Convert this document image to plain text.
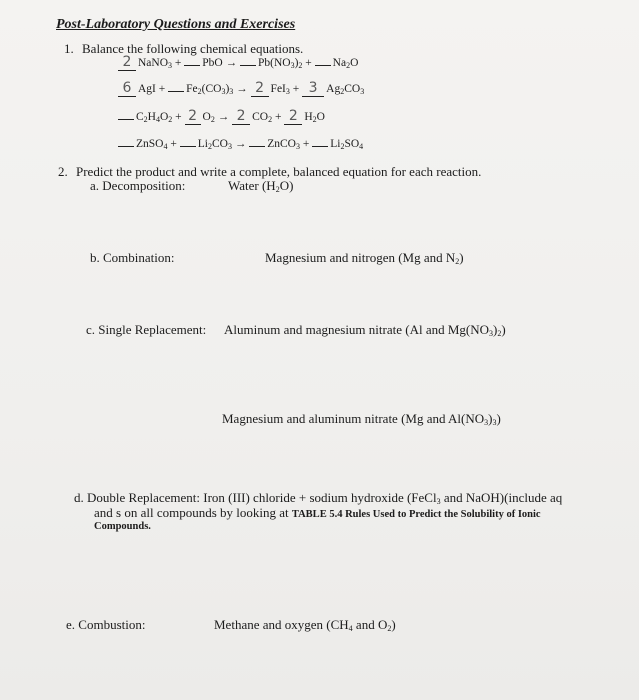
Post-Laboratory Questions and Exercises
1. Balance the following chemical equations.
2 NaNO$_3$ + PbO → $Pb(NO_3)_2 + Na_2O$
6 AgI + $Fe_2(CO_3)_3 \to 2$ FeI$_3$ + 3 $Ag_2CO_3$
$C_2H_4O_2 + 2$ $O_2 \to 2$ $CO_2 + 2$ $H_2O$
ZnSO$_4$ + $Li_2CO_3$ → ZnCO$_3$ + $Li_2SO_4$
2. Predict the product and write a complete, balanced equation for each reaction.
a. Decomposition:	Water $(H_2O)$
b. Combination:	Magnesium and nitrogen (Mg and $N_2$)
c. Single Replacement: Aluminum and magnesium nitrate (Al and $Mg(NO_3)_2$)
Magnesium and aluminum nitrate (Mg and $Al(NO_3)_3$)
d. Double Replacement: Iron (III) chloride + sodium hydroxide (FeCl$_3$ and NaOH)(include aq
and s on all compounds by looking at TABLE 5.4 Rules Used to Predict the Solubility of Ionic
Compounds.
e. Combustion:	Methane and oxygen ($CH_4$ and $O_2$)
